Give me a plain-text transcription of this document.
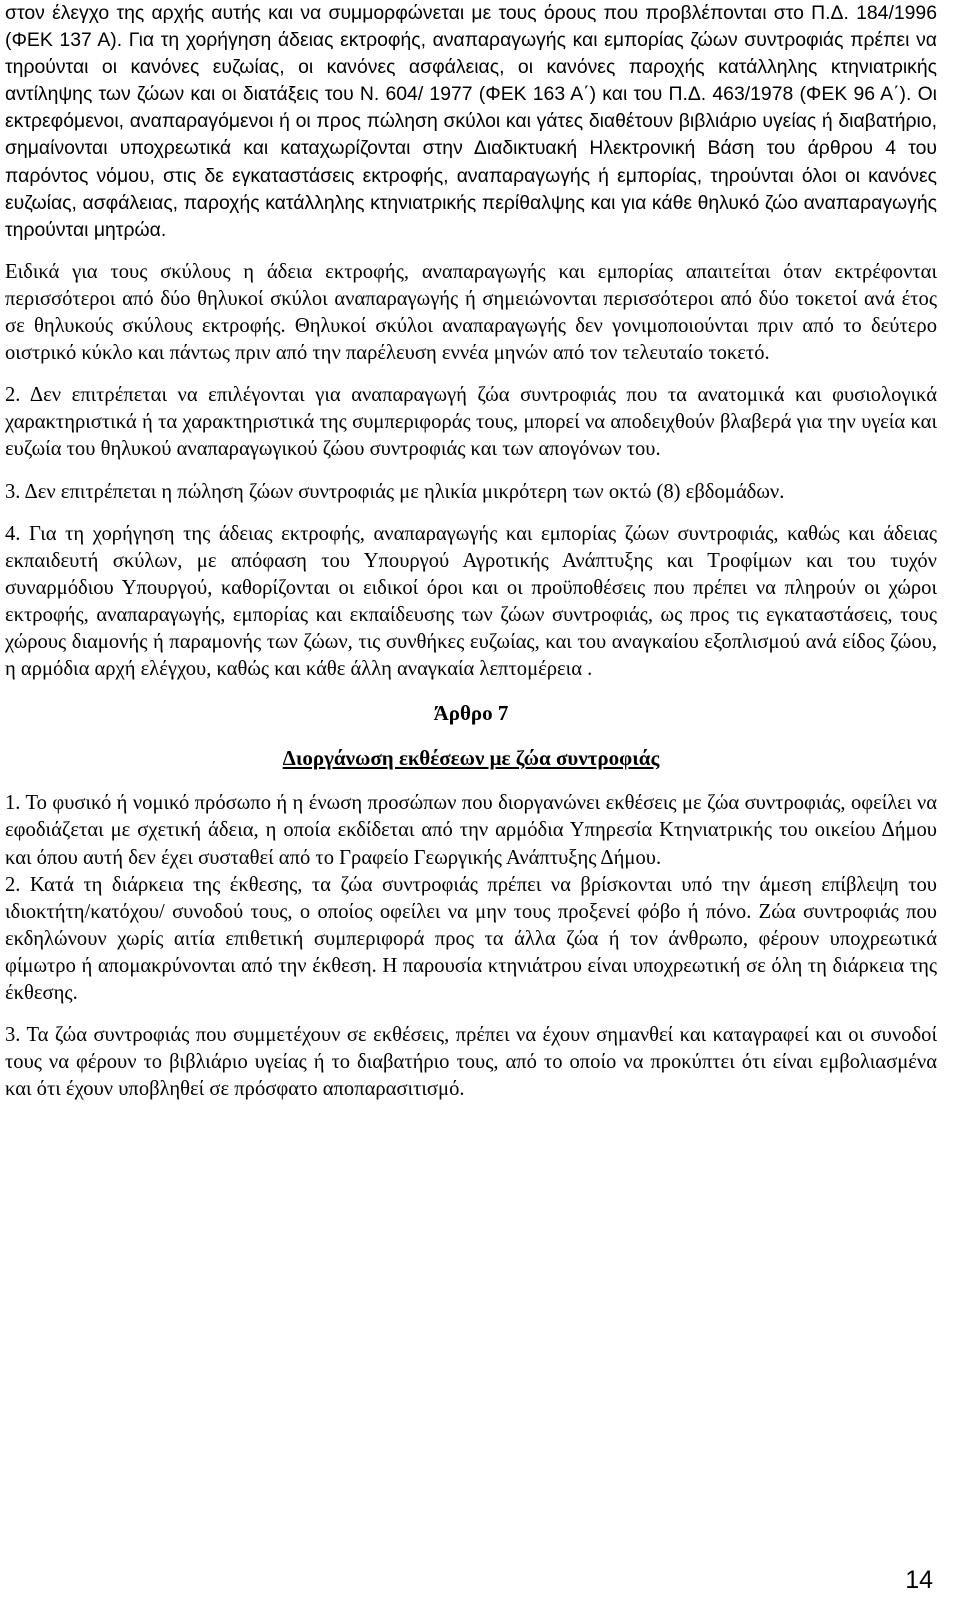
στον έλεγχο της αρχής αυτής και να συμμορφώνεται με τους όρους που προβλέπονται στο Π.Δ. 184/1996 (ΦΕΚ 137 Α). Για τη χορήγηση άδειας εκτροφής, αναπαραγωγής και εμπορίας ζώων συντροφιάς πρέπει να τηρούνται οι κανόνες ευζωίας, οι κανόνες ασφάλειας, οι κανόνες παροχής κατάλληλης κτηνιατρικής αντίληψης των ζώων και οι διατάξεις του Ν. 604/ 1977 (ΦΕΚ 163 Α΄) και του Π.Δ. 463/1978 (ΦΕΚ 96 Α΄). Οι εκτρεφόμενοι, αναπαραγόμενοι ή οι προς πώληση σκύλοι και γάτες διαθέτουν βιβλιάριο υγείας ή διαβατήριο, σημαίνονται υποχρεωτικά και καταχωρίζονται στην Διαδικτυακή Ηλεκτρονική Βάση του άρθρου 4 του παρόντος νόμου, στις δε εγκαταστάσεις εκτροφής, αναπαραγωγής ή εμπορίας, τηρούνται όλοι οι κανόνες ευζωίας, ασφάλειας, παροχής κατάλληλης κτηνιατρικής περίθαλψης και για κάθε θηλυκό ζώο αναπαραγωγής τηρούνται μητρώα.

Ειδικά για τους σκύλους η άδεια εκτροφής, αναπαραγωγής και εμπορίας απαιτείται όταν εκτρέφονται περισσότεροι από δύο θηλυκοί σκύλοι αναπαραγωγής ή σημειώνονται περισσότεροι από δύο τοκετοί ανά έτος σε θηλυκούς σκύλους εκτροφής. Θηλυκοί σκύλοι αναπαραγωγής δεν γονιμοποιούνται πριν από το δεύτερο οιστρικό κύκλο και πάντως πριν από την παρέλευση εννέα μηνών από τον τελευταίο τοκετό.

2. Δεν επιτρέπεται να επιλέγονται για αναπαραγωγή ζώα συντροφιάς που τα ανατομικά και φυσιολογικά χαρακτηριστικά ή τα χαρακτηριστικά της συμπεριφοράς τους, μπορεί να αποδειχθούν βλαβερά για την υγεία και ευζωία του θηλυκού αναπαραγωγικού ζώου συντροφιάς και των απογόνων του.

3. Δεν επιτρέπεται η πώληση ζώων συντροφιάς με ηλικία μικρότερη των οκτώ (8) εβδομάδων.

4. Για τη χορήγηση της άδειας εκτροφής, αναπαραγωγής και εμπορίας ζώων συντροφιάς, καθώς και άδειας εκπαιδευτή σκύλων, με απόφαση του Υπουργού Αγροτικής Ανάπτυξης και Τροφίμων και του τυχόν συναρμόδιου Υπουργού, καθορίζονται οι ειδικοί όροι και οι προϋποθέσεις που πρέπει να πληρούν οι χώροι εκτροφής, αναπαραγωγής, εμπορίας και εκπαίδευσης των ζώων συντροφιάς, ως προς τις εγκαταστάσεις, τους χώρους διαμονής ή παραμονής των ζώων, τις συνθήκες ευζωίας, και του αναγκαίου εξοπλισμού ανά είδος ζώου, η αρμόδια αρχή ελέγχου, καθώς και κάθε άλλη αναγκαία λεπτομέρεια .

Άρθρο 7
Διοργάνωση εκθέσεων με ζώα συντροφιάς

1. Το φυσικό ή νομικό πρόσωπο ή η ένωση προσώπων που διοργανώνει εκθέσεις με ζώα συντροφιάς, οφείλει να εφοδιάζεται με σχετική άδεια, η οποία εκδίδεται από την αρμόδια Υπηρεσία Κτηνιατρικής του οικείου Δήμου και όπου αυτή δεν έχει συσταθεί από το Γραφείο Γεωργικής Ανάπτυξης Δήμου.

2. Κατά τη διάρκεια της έκθεσης, τα ζώα συντροφιάς πρέπει να βρίσκονται υπό την άμεση επίβλεψη του ιδιοκτήτη/κατόχου/ συνοδού τους, ο οποίος οφείλει να μην τους προξενεί φόβο ή πόνο. Ζώα συντροφιάς που εκδηλώνουν χωρίς αιτία επιθετική συμπεριφορά προς τα άλλα ζώα ή τον άνθρωπο, φέρουν υποχρεωτικά φίμωτρο ή απομακρύνονται από την έκθεση. Η παρουσία κτηνιάτρου είναι υποχρεωτική σε όλη τη διάρκεια της έκθεσης.

3. Τα ζώα συντροφιάς που συμμετέχουν σε εκθέσεις, πρέπει να έχουν σημανθεί και καταγραφεί και οι συνοδοί τους να φέρουν το βιβλιάριο υγείας ή το διαβατήριο τους, από το οποίο να προκύπτει ότι είναι εμβολιασμένα και ότι έχουν υποβληθεί σε πρόσφατο αποπαρασιτισμό.

14
